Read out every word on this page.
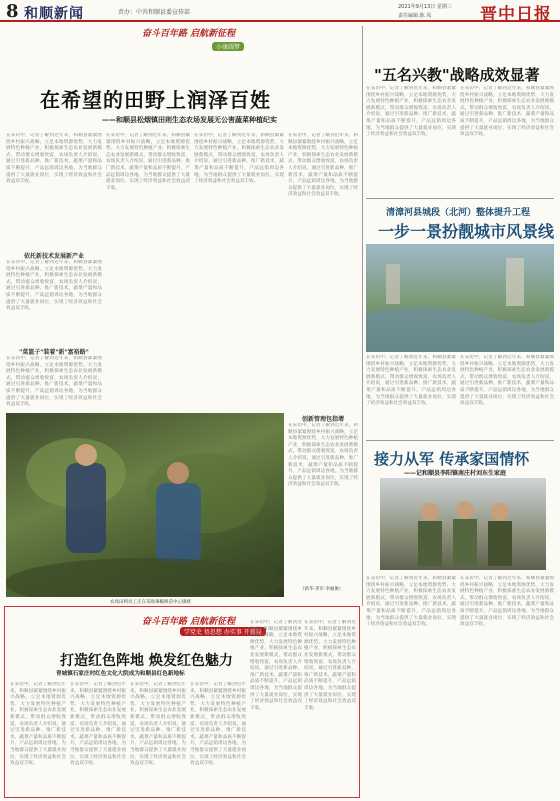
8 和顺新闻	责办：中共和顺县委宣传部
2021年9月13日 星期三
责任编辑:陈 凤	晋中日报
奋斗百年路 启航新征程
小康圆梦
在希望的田野上润泽百姓
——和顺县松烟镇田则生态农场发展无公害蔬菜种植纪实
在采访中，记者了解到近年来，和顺县紧紧围绕乡村振兴战略，立足本地资源优势，大力发展特色种植产业，积极探索生态农业发展新模式，带动群众增收致富，农场负责人介绍说，通过引进新品种、推广新技术，蔬菜产量和品质不断提升，产品远销周边各地，为当地群众提供了大量就业岗位，实现了经济效益和社会效益双丰收。
依托新技术发展新产业
在采访中，记者了解到近年来，和顺县紧紧围绕乡村振兴战略，立足本地资源优势，大力发展特色种植产业，积极探索生态农业发展新模式，带动群众增收致富，农场负责人介绍说，通过引进新品种、推广新技术，蔬菜产量和品质不断提升，产品远销周边各地，为当地群众提供了大量就业岗位，实现了经济效益和社会效益双丰收。
"菜篮子"装着"新"富裕路"
在采访中，记者了解到近年来，和顺县紧紧围绕乡村振兴战略，立足本地资源优势，大力发展特色种植产业，积极探索生态农业发展新模式，带动群众增收致富，农场负责人介绍说，通过引进新品种、推广新技术，蔬菜产量和品质不断提升，产品远销周边各地，为当地群众提供了大量就业岗位，实现了经济效益和社会效益双丰收。
在采访中，记者了解到近年来，和顺县紧紧围绕乡村振兴战略，立足本地资源优势，大力发展特色种植产业，积极探索生态农业发展新模式，带动群众增收致富，农场负责人介绍说，通过引进新品种、推广新技术，蔬菜产量和品质不断提升，产品远销周边各地，为当地群众提供了大量就业岗位，实现了经济效益和社会效益双丰收。
在采访中，记者了解到近年来，和顺县紧紧围绕乡村振兴战略，立足本地资源优势，大力发展特色种植产业，积极探索生态农业发展新模式，带动群众增收致富，农场负责人介绍说，通过引进新品种、推广新技术，蔬菜产量和品质不断提升，产品远销周边各地，为当地群众提供了大量就业岗位，实现了经济效益和社会效益双丰收。
在采访中，记者了解到近年来，和顺县紧紧围绕乡村振兴战略，立足本地资源优势，大力发展特色种植产业，积极探索生态农业发展新模式，带动群众增收致富，农场负责人介绍说，通过引进新品种、推广新技术，蔬菜产量和品质不断提升，产品远销周边各地，为当地群众提供了大量就业岗位，实现了经济效益和社会效益双丰收。
农场田则员工正在采收辣椒秧苗中心镇统
创新管理包指增
在采访中，记者了解到近年来，和顺县紧紧围绕乡村振兴战略，立足本地资源优势，大力发展特色种植产业，积极探索生态农业发展新模式，带动群众增收致富，农场负责人介绍说，通过引进新品种、推广新技术，蔬菜产量和品质不断提升，产品远销周边各地，为当地群众提供了大量就业岗位，实现了经济效益和社会效益双丰收。
（新华·李军·李丽俊）
"五名兴教"战略成效显著
在采访中，记者了解到近年来，和顺县紧紧围绕乡村振兴战略，立足本地资源优势，大力发展特色种植产业，积极探索生态农业发展新模式，带动群众增收致富，农场负责人介绍说，通过引进新品种、推广新技术，蔬菜产量和品质不断提升，产品远销周边各地，为当地群众提供了大量就业岗位，实现了经济效益和社会效益双丰收。
在采访中，记者了解到近年来，和顺县紧紧围绕乡村振兴战略，立足本地资源优势，大力发展特色种植产业，积极探索生态农业发展新模式，带动群众增收致富，农场负责人介绍说，通过引进新品种、推广新技术，蔬菜产量和品质不断提升，产品远销周边各地，为当地群众提供了大量就业岗位，实现了经济效益和社会效益双丰收。
清漳河县城段（北河）整体提升工程
一步一景扮靓城市风景线
在采访中，记者了解到近年来，和顺县紧紧围绕乡村振兴战略，立足本地资源优势，大力发展特色种植产业，积极探索生态农业发展新模式，带动群众增收致富，农场负责人介绍说，通过引进新品种、推广新技术，蔬菜产量和品质不断提升，产品远销周边各地，为当地群众提供了大量就业岗位，实现了经济效益和社会效益双丰收。
在采访中，记者了解到近年来，和顺县紧紧围绕乡村振兴战略，立足本地资源优势，大力发展特色种植产业，积极探索生态农业发展新模式，带动群众增收致富，农场负责人介绍说，通过引进新品种、推广新技术，蔬菜产量和品质不断提升，产品远销周边各地，为当地群众提供了大量就业岗位，实现了经济效益和社会效益双丰收。
接力从军 传承家国情怀
——记和顺县李阳镇南庄村刘东生家庭
在采访中，记者了解到近年来，和顺县紧紧围绕乡村振兴战略，立足本地资源优势，大力发展特色种植产业，积极探索生态农业发展新模式，带动群众增收致富，农场负责人介绍说，通过引进新品种、推广新技术，蔬菜产量和品质不断提升，产品远销周边各地，为当地群众提供了大量就业岗位，实现了经济效益和社会效益双丰收。
在采访中，记者了解到近年来，和顺县紧紧围绕乡村振兴战略，立足本地资源优势，大力发展特色种植产业，积极探索生态农业发展新模式，带动群众增收致富，农场负责人介绍说，通过引进新品种、推广新技术，蔬菜产量和品质不断提升，产品远销周边各地，为当地群众提供了大量就业岗位，实现了经济效益和社会效益双丰收。
奋斗百年路 启航新征程
学党史 悟思想 办实事 开新局
打造红色阵地 焕发红色魅力
青城镇石家庄村红色文化大院成为和顺县红色新地标
在采访中，记者了解到近年来，和顺县紧紧围绕乡村振兴战略，立足本地资源优势，大力发展特色种植产业，积极探索生态农业发展新模式，带动群众增收致富，农场负责人介绍说，通过引进新品种、推广新技术，蔬菜产量和品质不断提升，产品远销周边各地，为当地群众提供了大量就业岗位，实现了经济效益和社会效益双丰收。
在采访中，记者了解到近年来，和顺县紧紧围绕乡村振兴战略，立足本地资源优势，大力发展特色种植产业，积极探索生态农业发展新模式，带动群众增收致富，农场负责人介绍说，通过引进新品种、推广新技术，蔬菜产量和品质不断提升，产品远销周边各地，为当地群众提供了大量就业岗位，实现了经济效益和社会效益双丰收。
在采访中，记者了解到近年来，和顺县紧紧围绕乡村振兴战略，立足本地资源优势，大力发展特色种植产业，积极探索生态农业发展新模式，带动群众增收致富，农场负责人介绍说，通过引进新品种、推广新技术，蔬菜产量和品质不断提升，产品远销周边各地，为当地群众提供了大量就业岗位，实现了经济效益和社会效益双丰收。
在采访中，记者了解到近年来，和顺县紧紧围绕乡村振兴战略，立足本地资源优势，大力发展特色种植产业，积极探索生态农业发展新模式，带动群众增收致富，农场负责人介绍说，通过引进新品种、推广新技术，蔬菜产量和品质不断提升，产品远销周边各地，为当地群众提供了大量就业岗位，实现了经济效益和社会效益双丰收。
在采访中，记者了解到近年来，和顺县紧紧围绕乡村振兴战略，立足本地资源优势，大力发展特色种植产业，积极探索生态农业发展新模式，带动群众增收致富，农场负责人介绍说，通过引进新品种、推广新技术，蔬菜产量和品质不断提升，产品远销周边各地，为当地群众提供了大量就业岗位，实现了经济效益和社会效益双丰收。
在采访中，记者了解到近年来，和顺县紧紧围绕乡村振兴战略，立足本地资源优势，大力发展特色种植产业，积极探索生态农业发展新模式，带动群众增收致富，农场负责人介绍说，通过引进新品种、推广新技术，蔬菜产量和品质不断提升，产品远销周边各地，为当地群众提供了大量就业岗位，实现了经济效益和社会效益双丰收。
